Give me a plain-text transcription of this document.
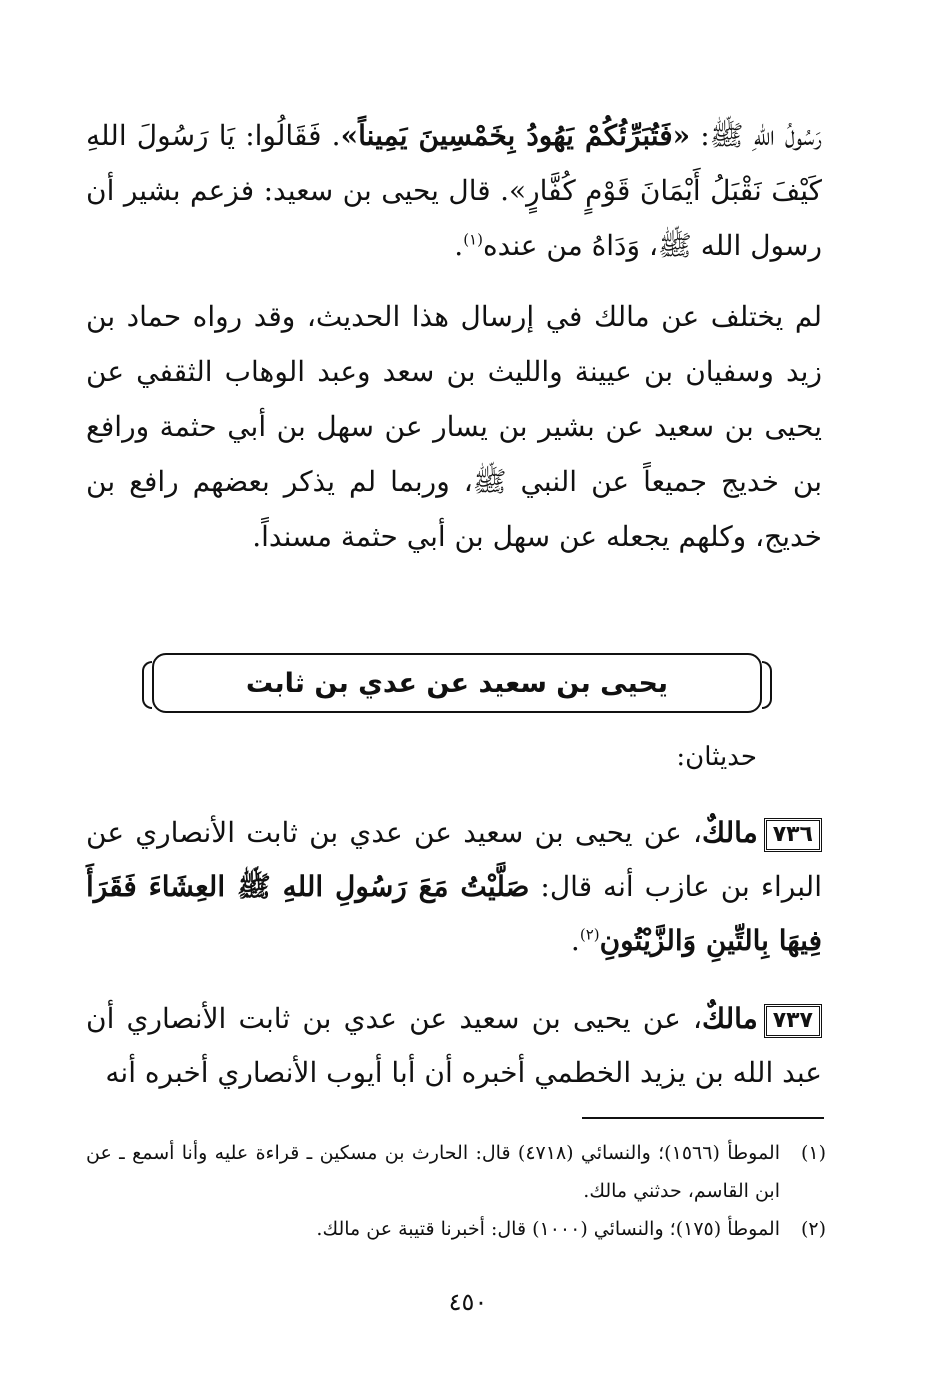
رَسُولُ اللهِ ﷺ: «فَتُبَرِّئُكُمْ يَهُودُ بِخَمْسِينَ يَمِيناً». فَقَالُوا: يَا رَسُولَ اللهِ كَيْفَ نَقْبَلُ أَيْمَانَ قَوْمٍ كُفَّارٍ». قال يحيى بن سعيد: فزعم بشير أن رسول الله ﷺ، وَدَاهُ من عنده$^{(١)}$.
لم يختلف عن مالك في إرسال هذا الحديث، وقد رواه حماد بن زيد وسفيان بن عيينة والليث بن سعد وعبد الوهاب الثقفي عن يحيى بن سعيد عن بشير بن يسار عن سهل بن أبي حثمة ورافع بن خديج جميعاً عن النبي ﷺ، وربما لم يذكر بعضهم رافع بن خديج، وكلهم يجعله عن سهل بن أبي حثمة مسنداً.
يحيى بن سعيد عن عدي بن ثابت
حديثان:
٧٣٦مالكٌ، عن يحيى بن سعيد عن عدي بن ثابت الأنصاري عن البراء بن عازب أنه قال: صَلَّيْتُ مَعَ رَسُولِ اللهِ ﷺ العِشَاءَ فَقَرَأَ فِيهَا بِالتِّينِ وَالزَّيْتُونِ$^{(٢)}$.
٧٣٧مالكٌ، عن يحيى بن سعيد عن عدي بن ثابت الأنصاري أن عبد الله بن يزيد الخطمي أخبره أن أبا أيوب الأنصاري أخبره أنه
(١)
الموطأ (١٥٦٦)؛ والنسائي (٤٧١٨) قال: الحارث بن مسكين ـ قراءة عليه وأنا أسمع ـ عن ابن القاسم، حدثني مالك.
(٢)
الموطأ (١٧٥)؛ والنسائي (١٠٠٠) قال: أخبرنا قتيبة عن مالك.
٤٥٠
